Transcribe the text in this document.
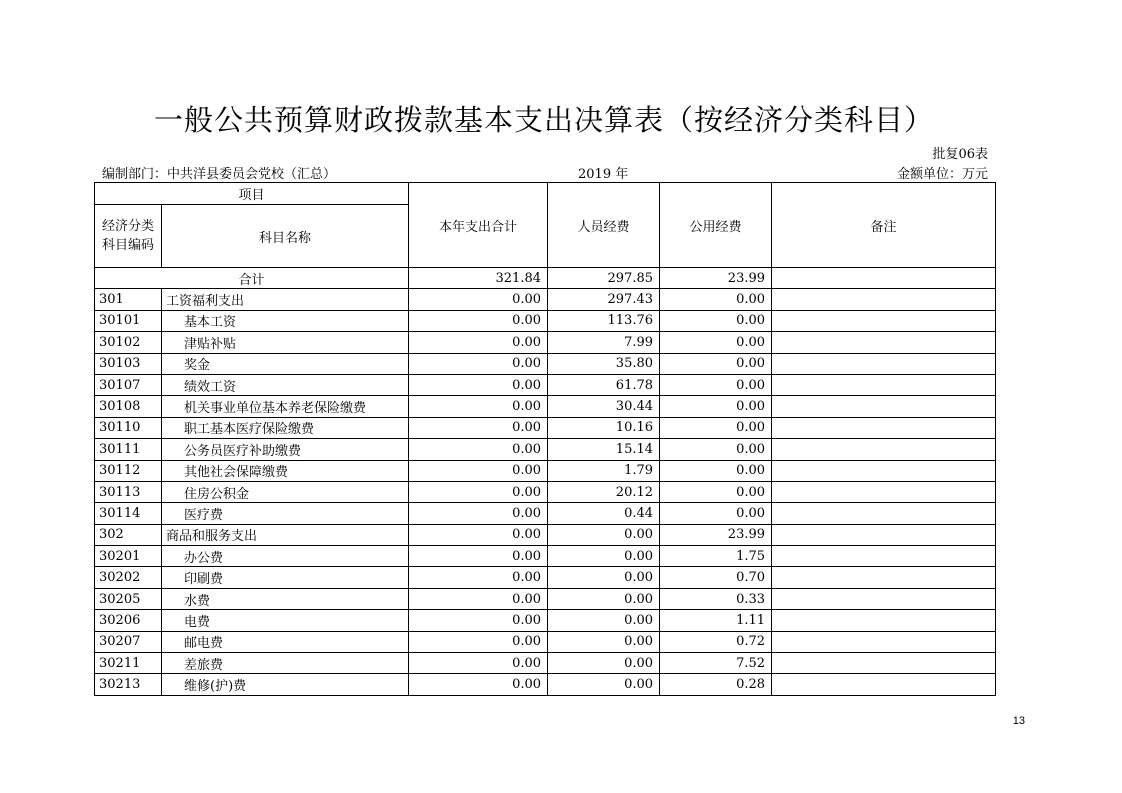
一般公共预算财政拨款基本支出决算表（按经济分类科目）
批复06表
编制部门：中共洋县委员会党校（汇总）	2019 年	金额单位：万元
项目		本年支出合计	人员经费	公用经费	备注
经济分类科目编码	科目名称				
合计		321.84	297.85	23.99	
301	工资福利支出	0.00	297.43	0.00	
30101	基本工资	0.00	113.76	0.00	
30102	津贴补贴	0.00	7.99	0.00	
30103	奖金	0.00	35.80	0.00	
30107	绩效工资	0.00	61.78	0.00	
30108	机关事业单位基本养老保险缴费	0.00	30.44	0.00	
30110	职工基本医疗保险缴费	0.00	10.16	0.00	
30111	公务员医疗补助缴费	0.00	15.14	0.00	
30112	其他社会保障缴费	0.00	1.79	0.00	
30113	住房公积金	0.00	20.12	0.00	
30114	医疗费	0.00	0.44	0.00	
302	商品和服务支出	0.00	0.00	23.99	
30201	办公费	0.00	0.00	1.75	
30202	印刷费	0.00	0.00	0.70	
30205	水费	0.00	0.00	0.33	
30206	电费	0.00	0.00	1.11	
30207	邮电费	0.00	0.00	0.72	
30211	差旅费	0.00	0.00	7.52	
30213	维修(护)费	0.00	0.00	0.28	
13
